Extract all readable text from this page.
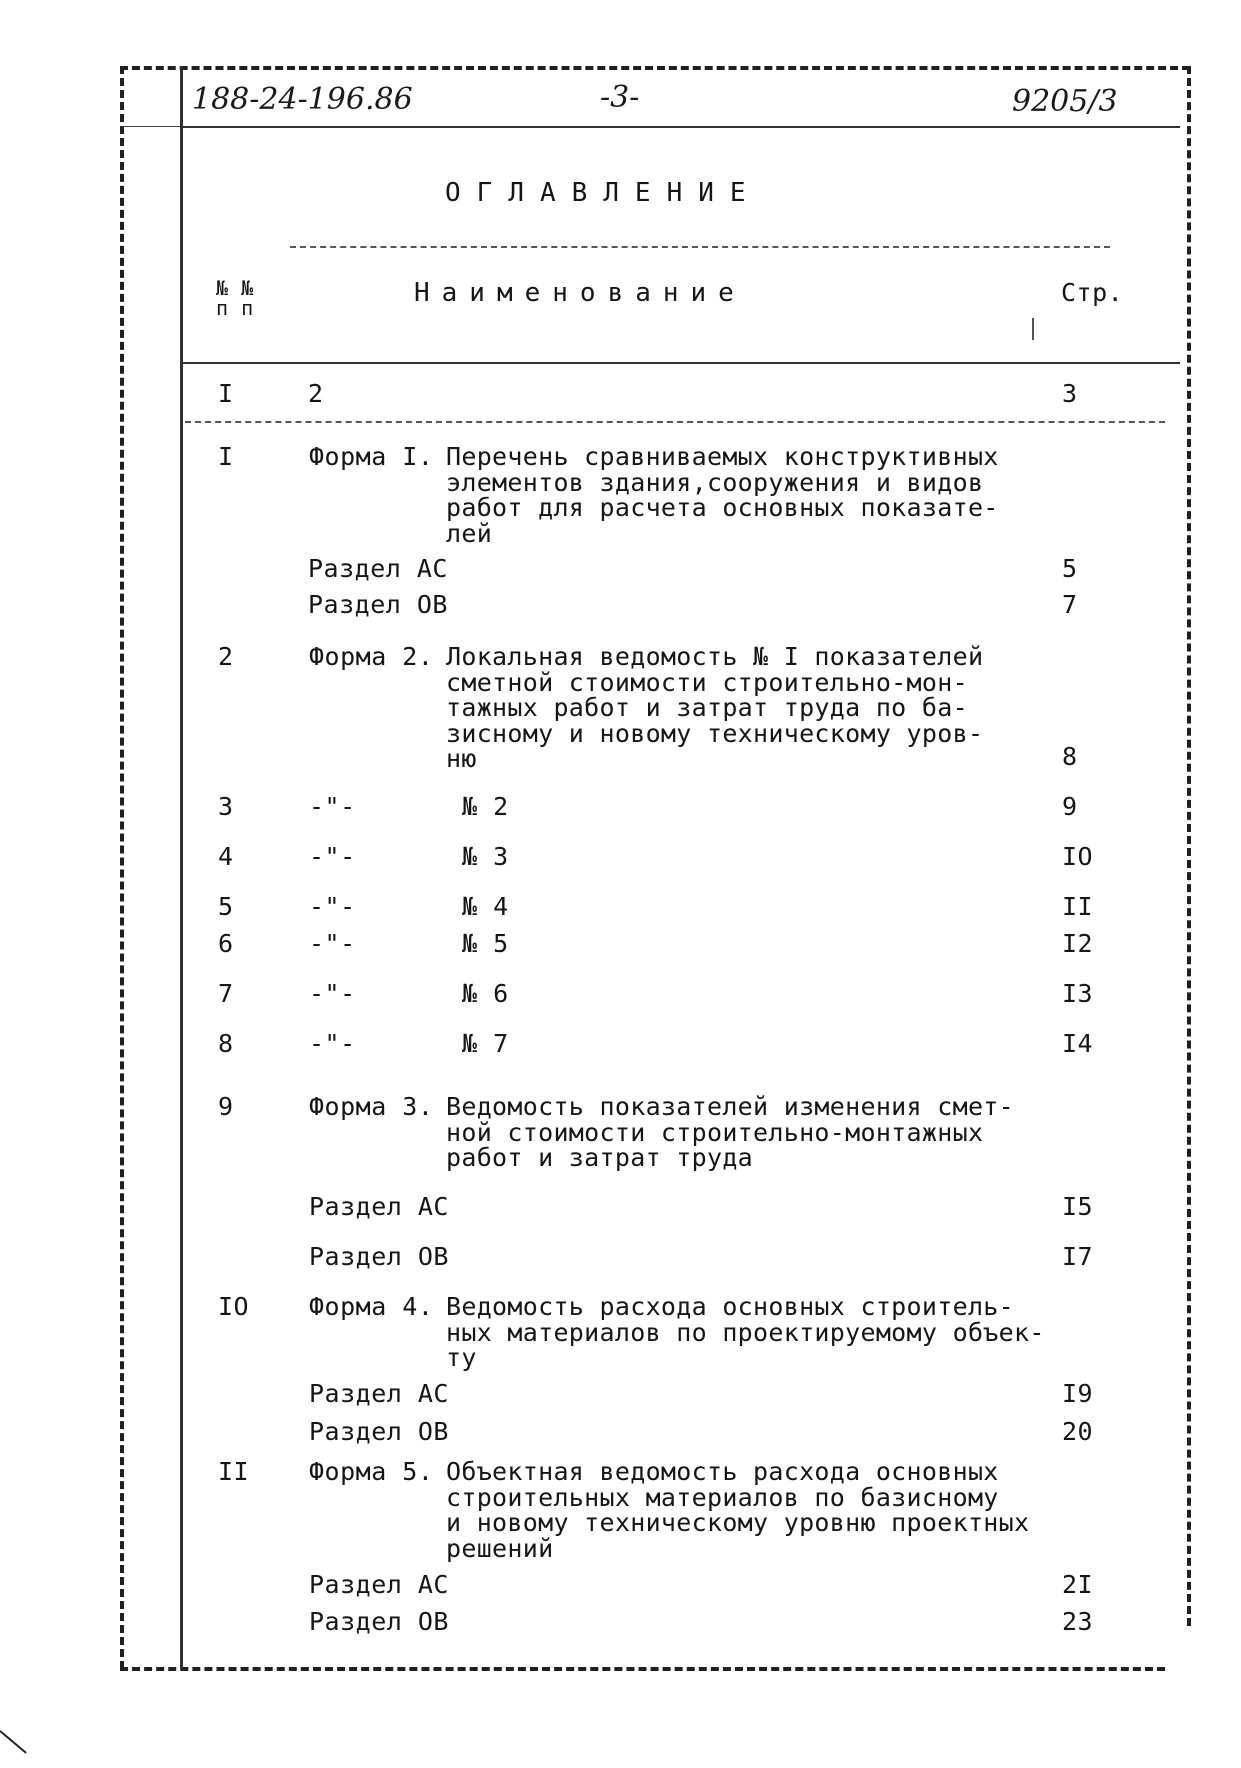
188-24-196.86	-3-	9205/3
ОГЛАВЛЕНИЕ
№ №
п п	Наименование	Стр.
I	2	3
I	Форма I. Перечень сравниваемых конструктивных
элементов здания,сооружения и видов
работ для расчета основных показате-
лей
Раздел АС	5
Раздел ОВ	7
2	Форма 2. Локальная ведомость № I показателей
сметной стоимости строительно-мон-
тажных работ и затрат труда по ба-
зисному и новому техническому уров-
ню	8
3	-"-	№ 2	9
4	-"-	№ 3	IO
5	-"-	№ 4	II
6	-"-	№ 5	I2
7	-"-	№ 6	I3
8	-"-	№ 7	I4
9	Форма 3. Ведомость показателей изменения смет-
ной стоимости строительно-монтажных
работ и затрат труда
Раздел АС	I5
Раздел ОВ	I7
IO Форма 4. Ведомость расхода основных строитель-
ных материалов по проектируемому объек-
ту
Раздел АС	I9
Раздел ОВ	20
II Форма 5. Объектная ведомость расхода основных
строительных материалов по базисному
и новому техническому уровню проектных
решений
Раздел АС	2I
Раздел ОВ	23
